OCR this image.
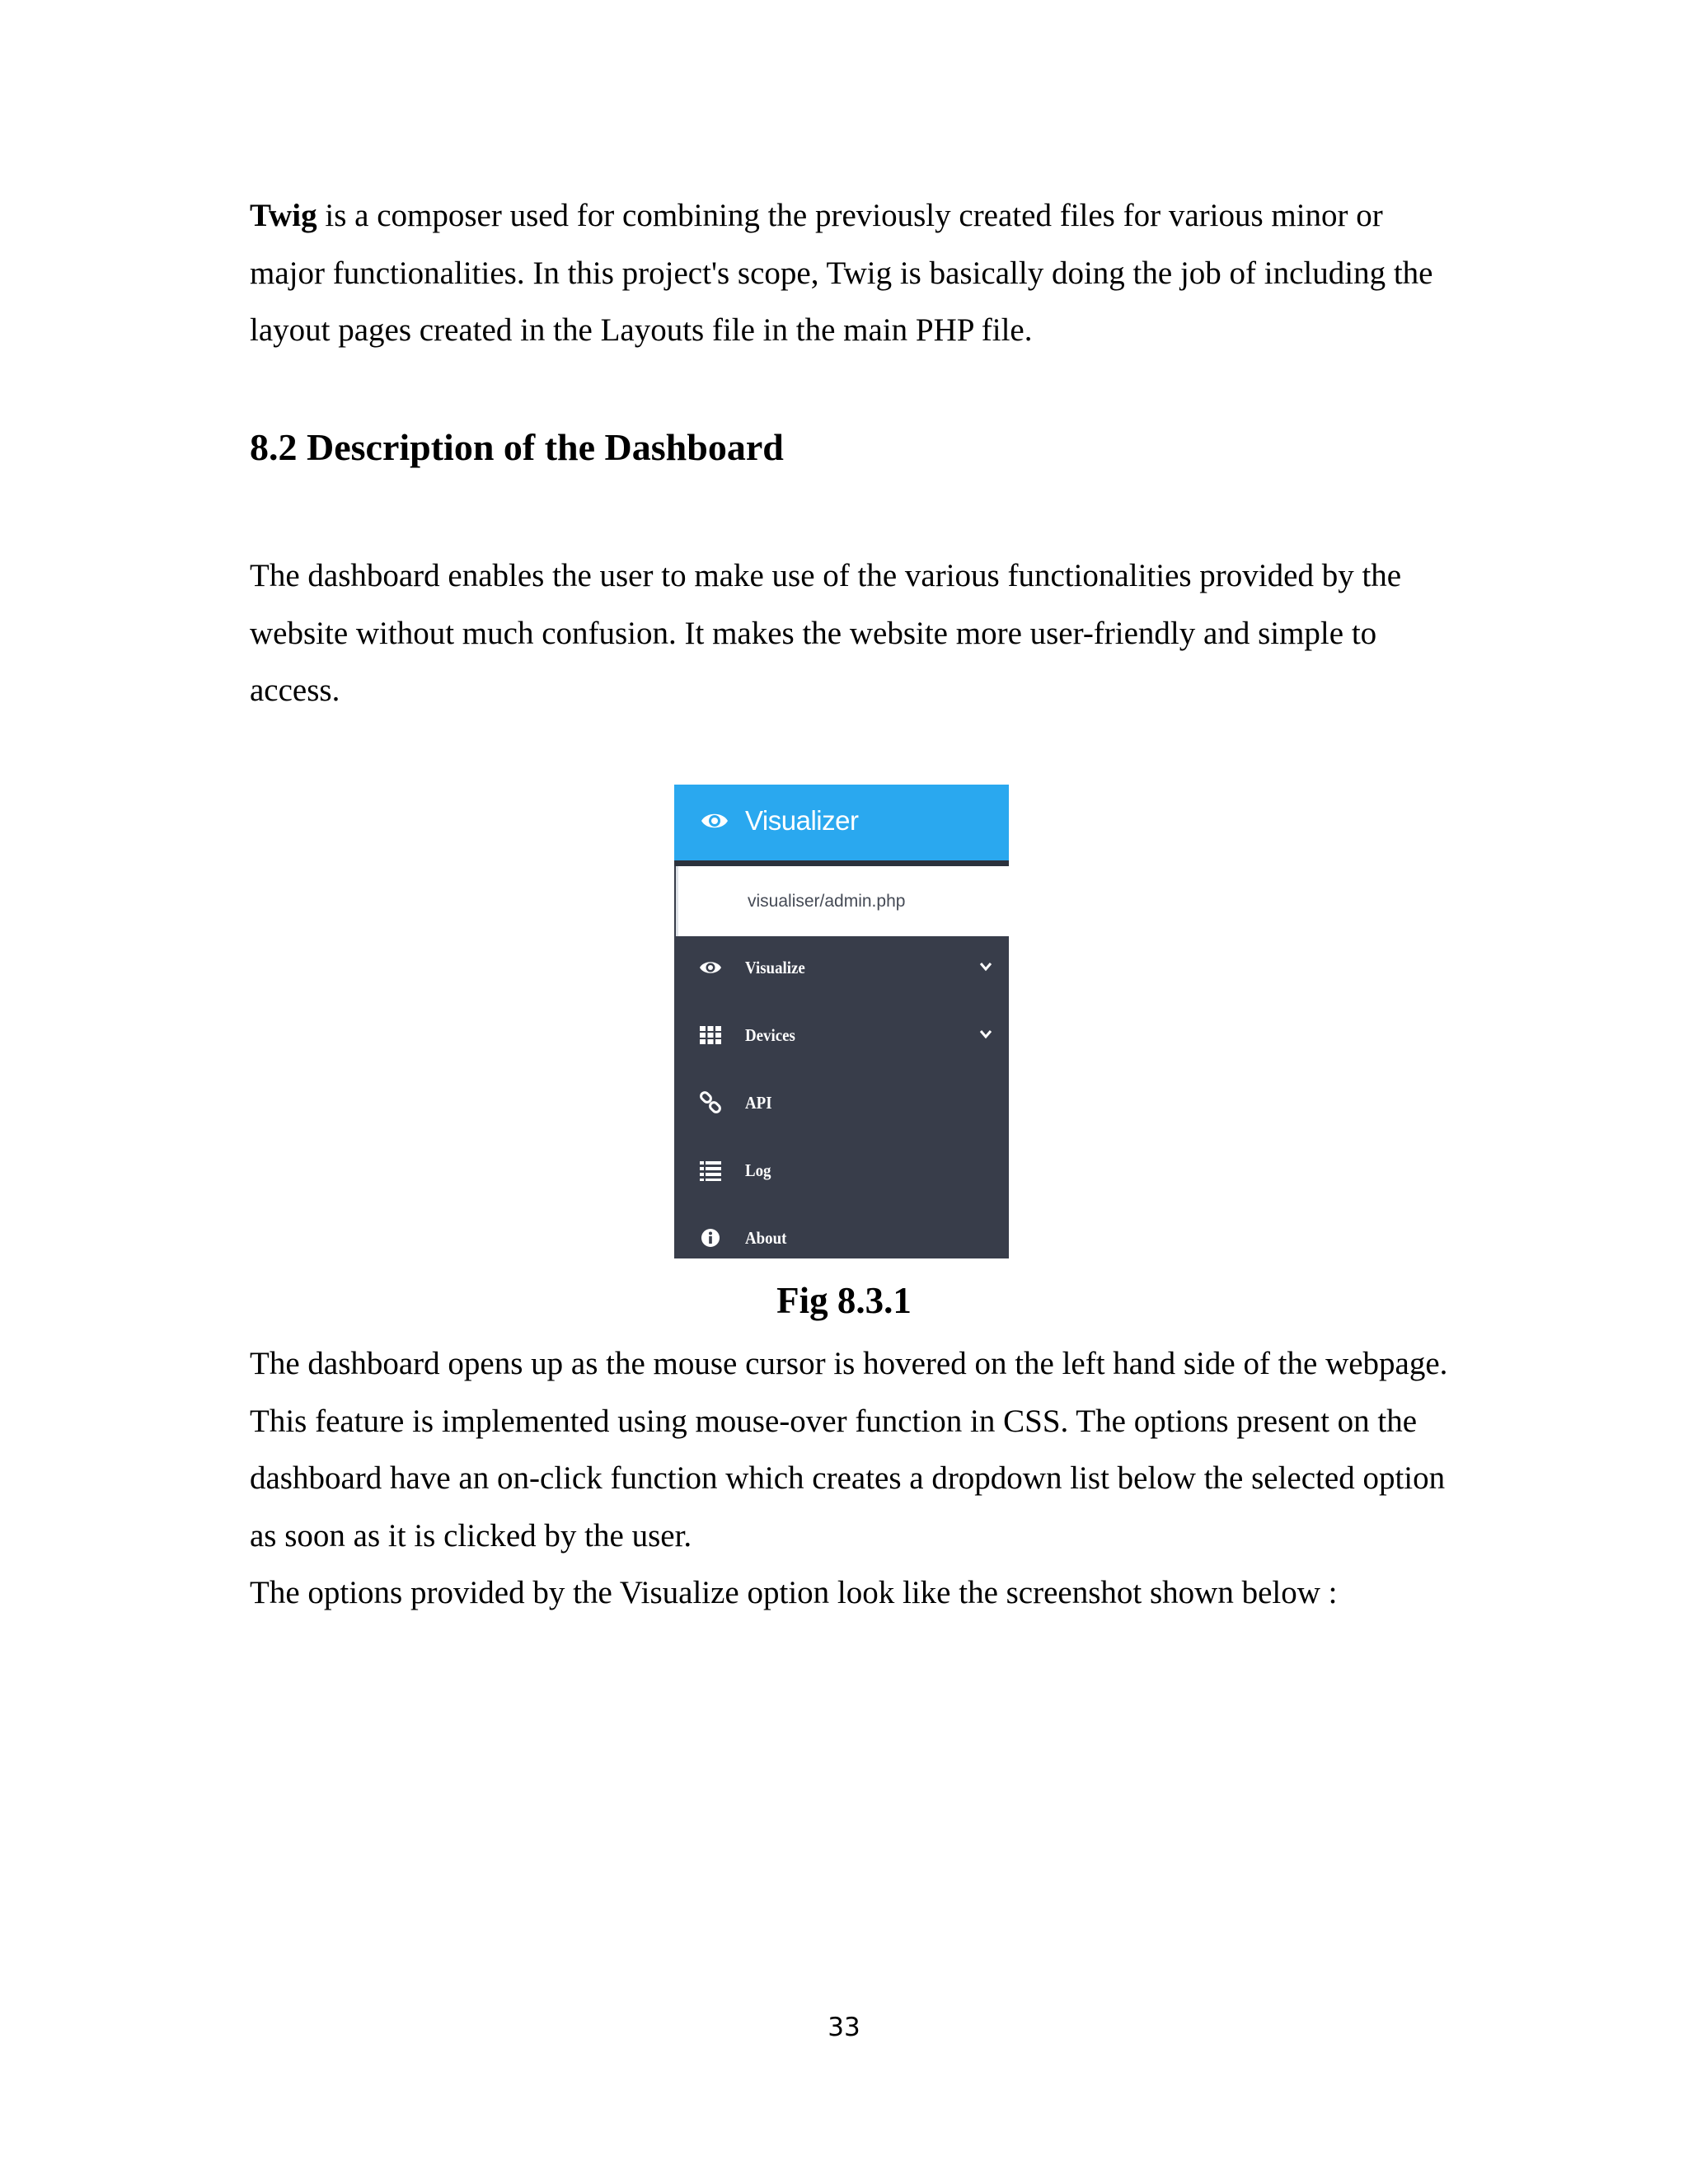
Twig is a composer used for combining the previously created files for various minor or major functionalities. In this project's scope, Twig is basically doing the job of including the layout pages created in the Layouts file in the main PHP file.

8.2 Description of the Dashboard

The dashboard enables the user to make use of the various functionalities provided by the website without much confusion. It makes the website more user-friendly and simple to access.

Visualizer
visualiser/admin.php
Visualize
Devices
API
Log
About

Fig 8.3.1

The dashboard opens up as the mouse cursor is hovered on the left hand side of the webpage. This feature is implemented using mouse-over function in CSS. The options present on the dashboard have an on-click function which creates a dropdown list below the selected option as soon as it is clicked by the user.
The options provided by the Visualize option look like the screenshot shown below :
33
